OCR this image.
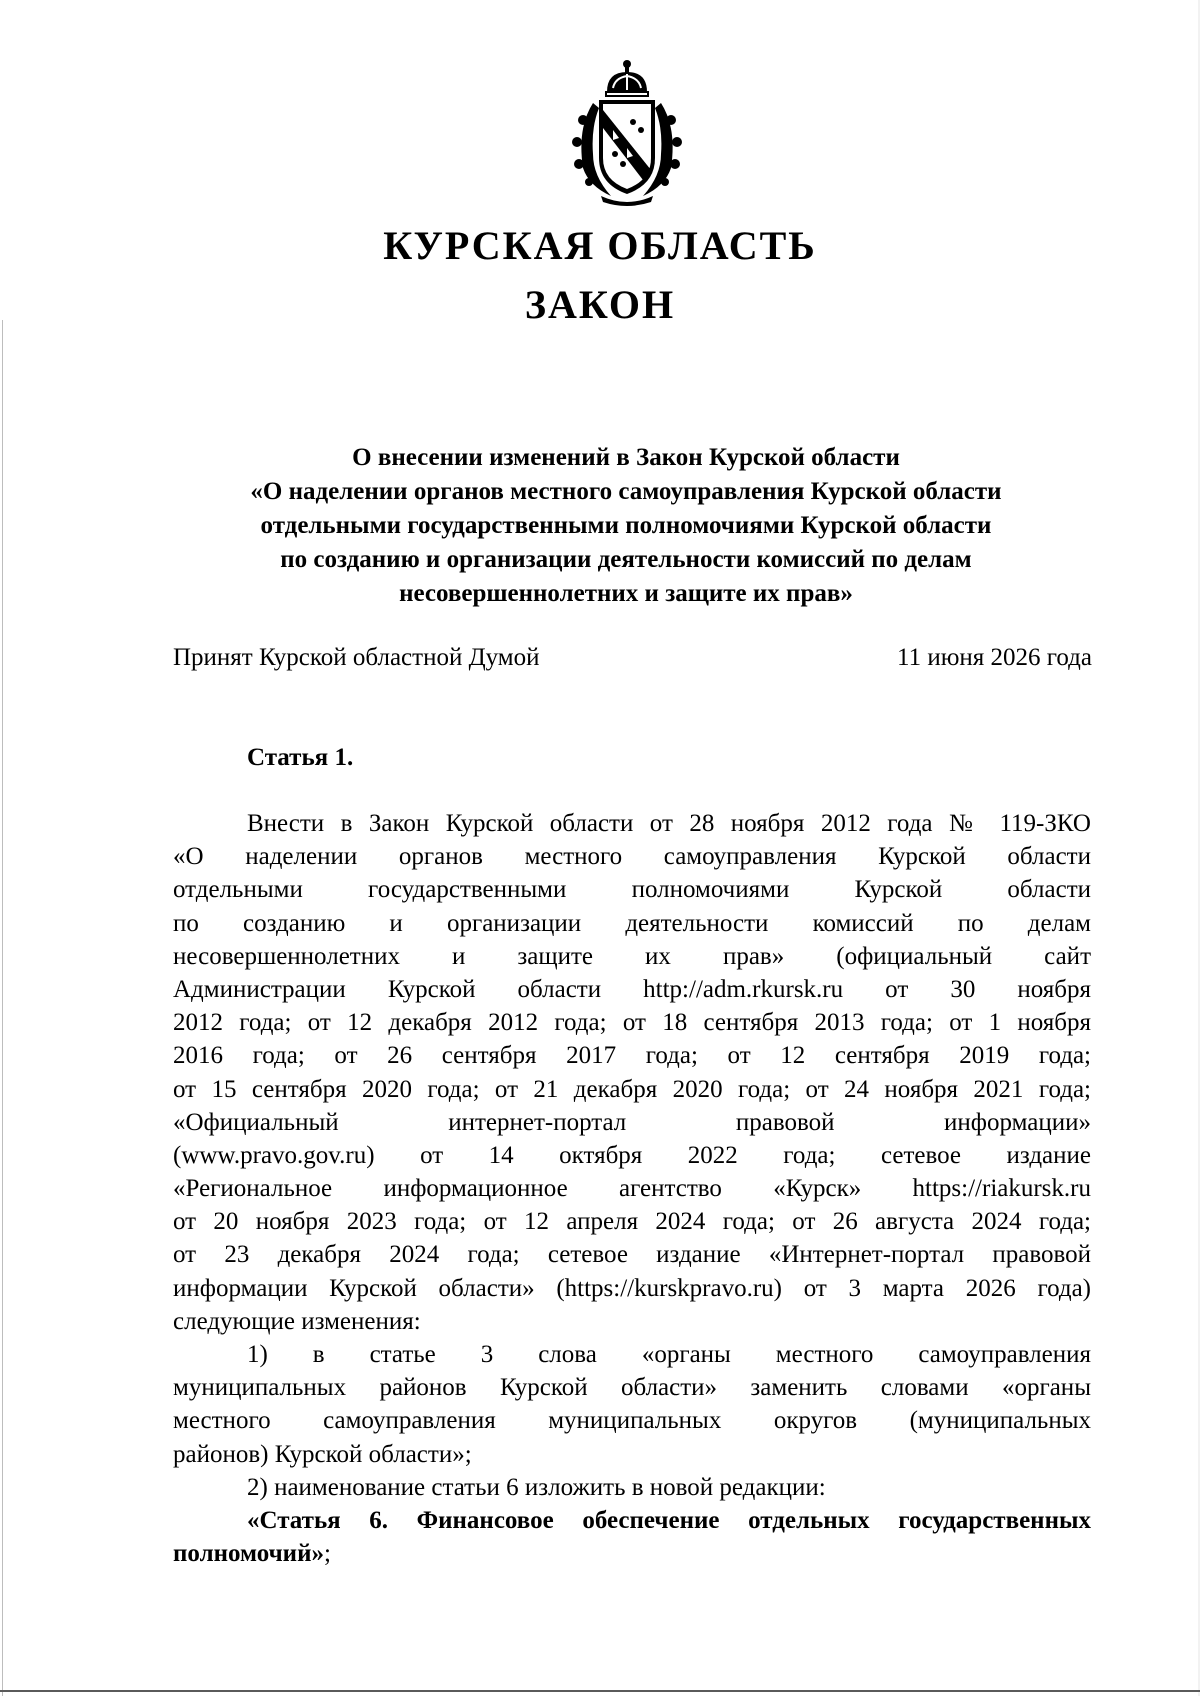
КУРСКАЯ ОБЛАСТЬ
ЗАКОН
О внесении изменений в Закон Курской области
«О наделении органов местного самоуправления Курской области
отдельными государственными полномочиями Курской области
по созданию и организации деятельности комиссий по делам
несовершеннолетних и защите их прав»
Принят Курской областной Думой	11 июня 2026 года
Статья 1.
Внести в Закон Курской области от 28 ноября 2012 года № 119-ЗКО
«О наделении органов местного самоуправления Курской области
отдельными государственными полномочиями Курской области
по созданию и организации деятельности комиссий по делам
несовершеннолетних и защите их прав» (официальный сайт
Администрации Курской области http://adm.rkursk.ru от 30 ноября
2012 года; от 12 декабря 2012 года; от 18 сентября 2013 года; от 1 ноября
2016 года; от 26 сентября 2017 года; от 12 сентября 2019 года;
от 15 сентября 2020 года; от 21 декабря 2020 года; от 24 ноября 2021 года;
«Официальный интернет-портал правовой информации»
(www.pravo.gov.ru) от 14 октября 2022 года; сетевое издание
«Региональное информационное агентство «Курск» https://riakursk.ru
от 20 ноября 2023 года; от 12 апреля 2024 года; от 26 августа 2024 года;
от 23 декабря 2024 года; сетевое издание «Интернет-портал правовой
информации Курской области» (https://kurskpravo.ru) от 3 марта 2026 года)
следующие изменения:
1) в статье 3 слова «органы местного самоуправления
муниципальных районов Курской области» заменить словами «органы
местного самоуправления муниципальных округов (муниципальных
районов) Курской области»;
2) наименование статьи 6 изложить в новой редакции:
«Статья 6. Финансовое обеспечение отдельных государственных
полномочий»;
